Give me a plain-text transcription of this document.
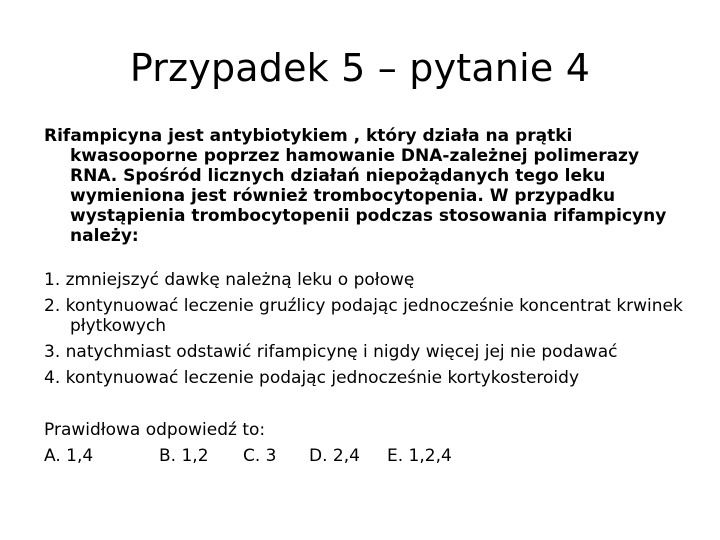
Przypadek 5 – pytanie 4

Rifampicyna jest antybiotykiem , który działa na prątki kwasooporne poprzez hamowanie DNA-zależnej polimerazy RNA. Spośród licznych działań niepożądanych tego leku wymieniona jest również trombocytopenia. W przypadku wystąpienia trombocytopenii podczas stosowania rifampicyny należy:

1. zmniejszyć dawkę należną leku o połowę
2. kontynuować leczenie gruźlicy podając jednocześnie koncentrat krwinek płytkowych
3. natychmiast odstawić rifampicynę i nigdy więcej jej nie podawać
4. kontynuować leczenie podając jednocześnie kortykosteroidy
Prawidłowa odpowiedź to:
A. 1,4	B. 1,2 C. 3 D. 2,4 E. 1,2,4
